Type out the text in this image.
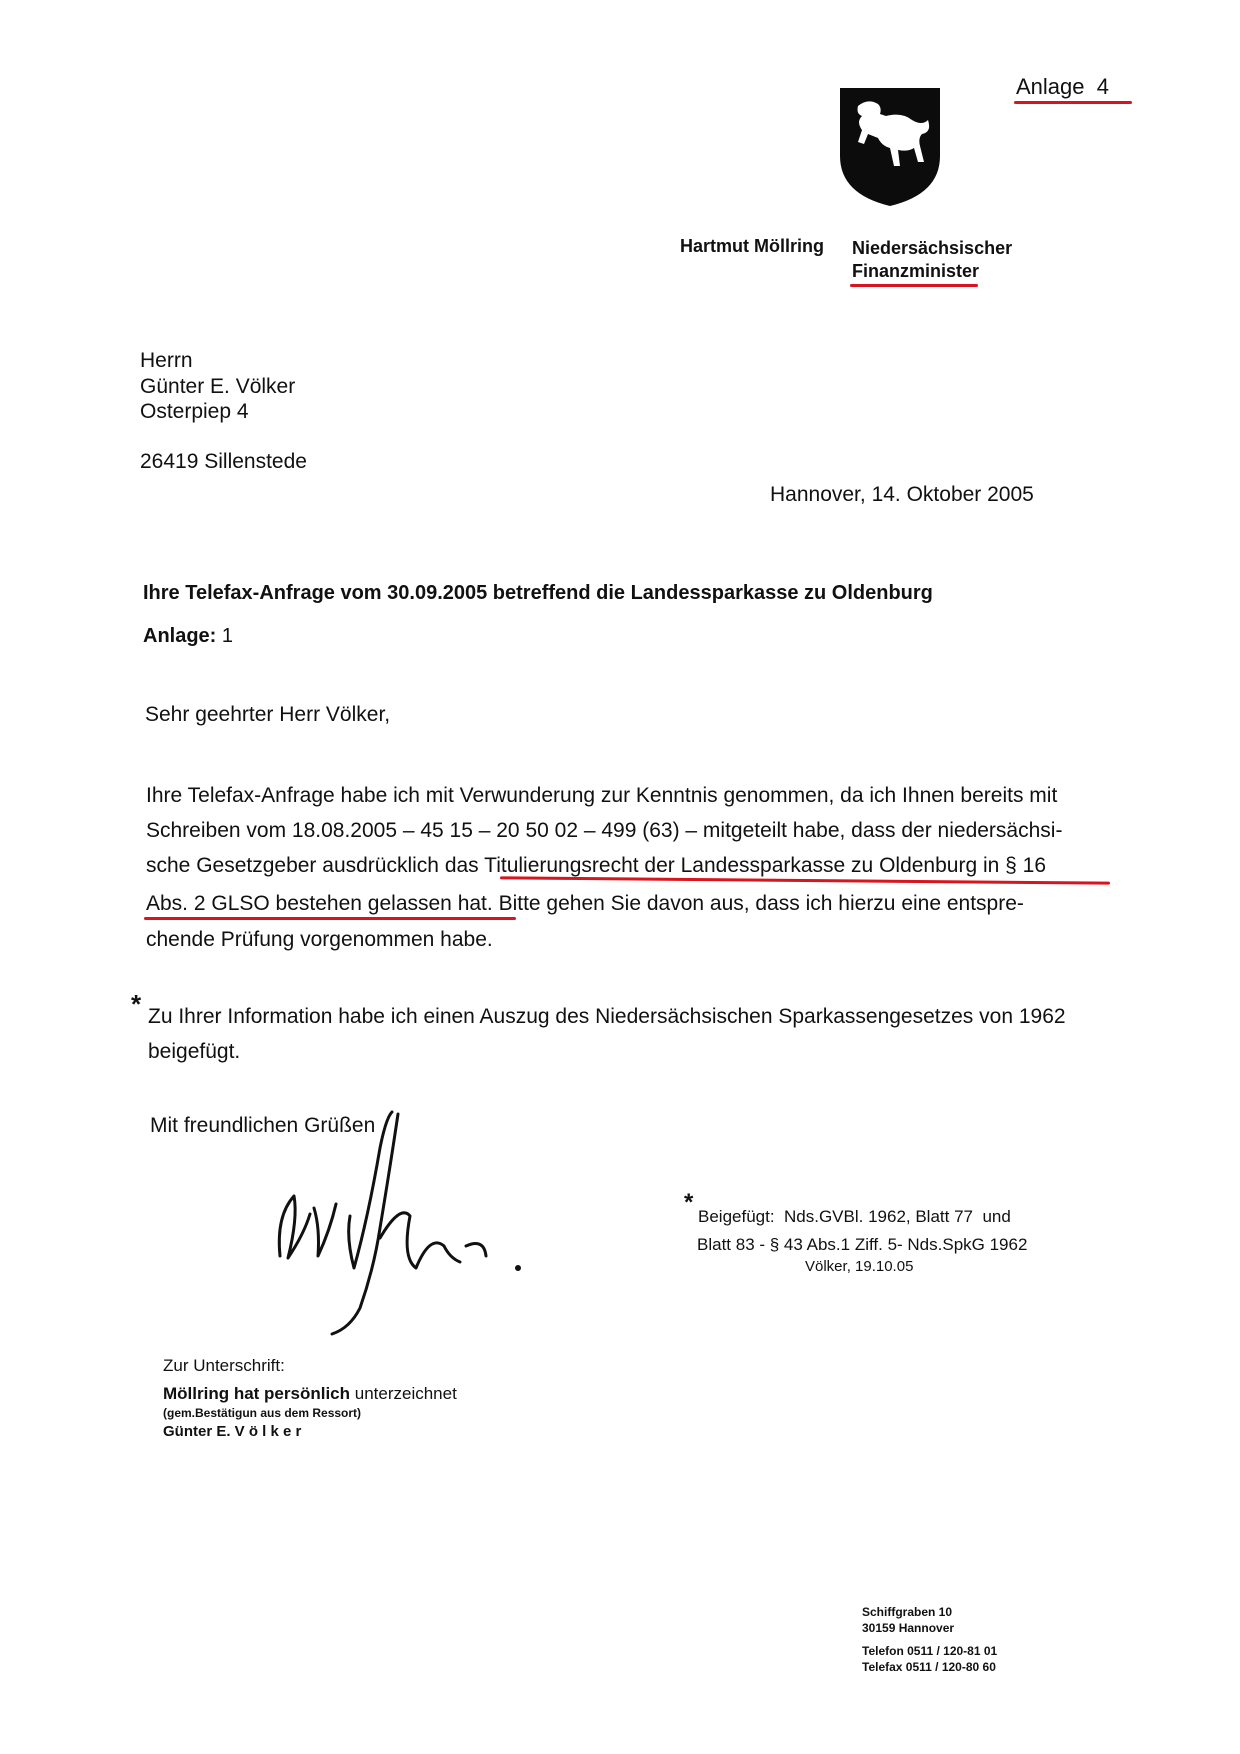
Anlage 4
Hartmut Möllring Niedersächsischer
Finanzminister
Herrn
Günter E. Völker
Osterpiep 4
26419 Sillenstede
Hannover, 14. Oktober 2005
Ihre Telefax-Anfrage vom 30.09.2005 betreffend die Landessparkasse zu Oldenburg
Anlage: 1
Sehr geehrter Herr Völker,
Ihre Telefax-Anfrage habe ich mit Verwunderung zur Kenntnis genommen, da ich Ihnen bereits mit
Schreiben vom 18.08.2005 – 45 15 – 20 50 02 – 499 (63) – mitgeteilt habe, dass der niedersächsi-
sche Gesetzgeber ausdrücklich das Titulierungsrecht der Landessparkasse zu Oldenburg in § 16
Abs. 2 GLSO bestehen gelassen hat. Bitte gehen Sie davon aus, dass ich hierzu eine entspre-
chende Prüfung vorgenommen habe.
* Zu Ihrer Information habe ich einen Auszug des Niedersächsischen Sparkassengesetzes von 1962
beigefügt.
Mit freundlichen Grüßen
*
Beigefügt:  Nds.GVBl. 1962, Blatt 77  und
Blatt 83 - § 43 Abs.1 Ziff. 5- Nds.SpkG 1962
Völker, 19.10.05
Zur Unterschrift:
Möllring hat persönlich unterzeichnet
(gem.Bestätigun aus dem Ressort)
Günter E. V ö l k e r
Schiffgraben 10
30159 Hannover
Telefon 0511 / 120-81 01
Telefax 0511 / 120-80 60
